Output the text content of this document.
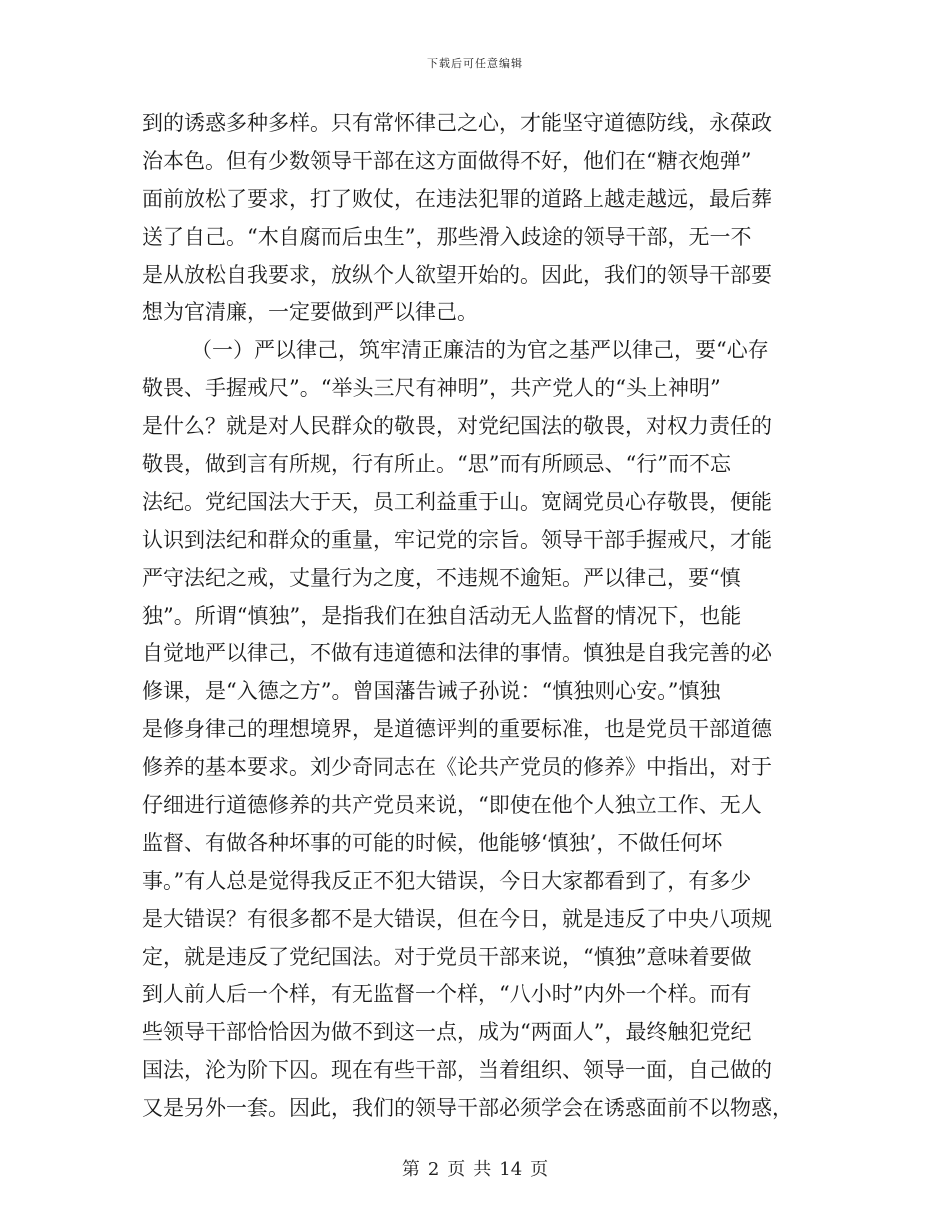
下载后可任意编辑
到的诱惑多种多样。只有常怀律己之心，才能坚守道德防线，永葆政
治本色。但有少数领导干部在这方面做得不好，他们在“糖衣炮弹”
面前放松了要求，打了败仗，在违法犯罪的道路上越走越远，最后葬
送了自己。“木自腐而后虫生”，那些滑入歧途的领导干部，无一不
是从放松自我要求，放纵个人欲望开始的。因此，我们的领导干部要
想为官清廉，一定要做到严以律己。
（一）严以律己，筑牢清正廉洁的为官之基严以律己，要“心存
敬畏、手握戒尺”。“举头三尺有神明”，共产党人的“头上神明”
是什么？就是对人民群众的敬畏，对党纪国法的敬畏，对权力责任的
敬畏，做到言有所规，行有所止。“思”而有所顾忌、“行”而不忘
法纪。党纪国法大于天，员工利益重于山。宽阔党员心存敬畏，便能
认识到法纪和群众的重量，牢记党的宗旨。领导干部手握戒尺，才能
严守法纪之戒，丈量行为之度，不违规不逾矩。严以律己，要“慎
独”。所谓“慎独”，是指我们在独自活动无人监督的情况下，也能
自觉地严以律己，不做有违道德和法律的事情。慎独是自我完善的必
修课，是“入德之方”。曾国藩告诫子孙说：“慎独则心安。”慎独
是修身律己的理想境界，是道德评判的重要标准，也是党员干部道德
修养的基本要求。刘少奇同志在《论共产党员的修养》中指出，对于
仔细进行道德修养的共产党员来说，“即使在他个人独立工作、无人
监督、有做各种坏事的可能的时候，他能够‘慎独’，不做任何坏
事。”有人总是觉得我反正不犯大错误，今日大家都看到了，有多少
是大错误？有很多都不是大错误，但在今日，就是违反了中央八项规
定，就是违反了党纪国法。对于党员干部来说，“慎独”意味着要做
到人前人后一个样，有无监督一个样，“八小时”内外一个样。而有
些领导干部恰恰因为做不到这一点，成为“两面人”，最终触犯党纪
国法，沦为阶下囚。现在有些干部，当着组织、领导一面，自己做的
又是另外一套。因此，我们的领导干部必须学会在诱惑面前不以物惑，
第 2 页 共 14 页
